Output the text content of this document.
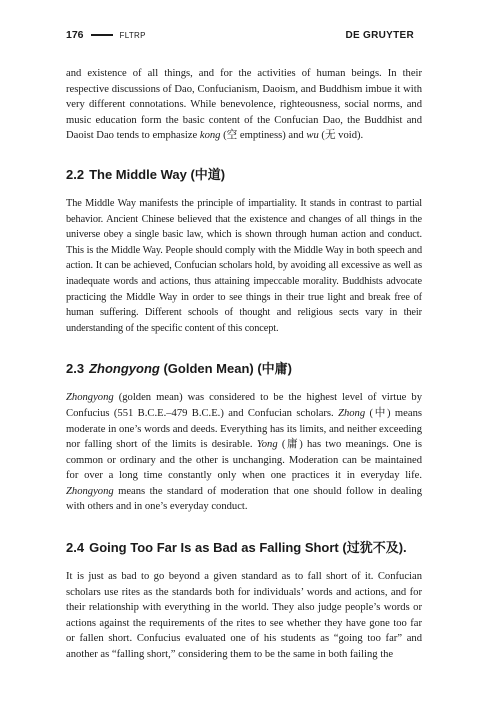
176	FLTRP	DE GRUYTER

and existence of all things, and for the activities of human beings. In their respective discussions of Dao, Confucianism, Daoism, and Buddhism imbue it with very different connotations. While benevolence, righteousness, social norms, and music education form the basic content of the Confucian Dao, the Buddhist and Daoist Dao tends to emphasize kong (空 emptiness) and wu (无 void).

2.2 The Middle Way (中道)

The Middle Way manifests the principle of impartiality. It stands in contrast to partial behavior. Ancient Chinese believed that the existence and changes of all things in the universe obey a single basic law, which is shown through human action and conduct. This is the Middle Way. People should comply with the Middle Way in both speech and action. It can be achieved, Confucian scholars hold, by avoiding all excessive as well as inadequate words and actions, thus attaining impeccable morality. Buddhists advocate practicing the Middle Way in order to see things in their true light and break free of human suffering. Different schools of thought and religious sects vary in their understanding of the specific content of this concept.

2.3 Zhongyong (Golden Mean) (中庸)

Zhongyong (golden mean) was considered to be the highest level of virtue by Confucius (551 B.C.E.–479 B.C.E.) and Confucian scholars. Zhong (中) means moderate in one’s words and deeds. Everything has its limits, and neither exceeding nor falling short of the limits is desirable. Yong (庸) has two meanings. One is common or ordinary and the other is unchanging. Moderation can be maintained for over a long time constantly only when one practices it in everyday life. Zhongyong means the standard of moderation that one should follow in dealing with others and in one’s everyday conduct.

2.4 Going Too Far Is as Bad as Falling Short (过犹不及).

It is just as bad to go beyond a given standard as to fall short of it. Confucian scholars use rites as the standards both for individuals’ words and actions, and for their relationship with everything in the world. They also judge people’s words or actions against the requirements of the rites to see whether they have gone too far or fallen short. Confucius evaluated one of his students as “going too far” and another as “falling short,” considering them to be the same in both failing the
